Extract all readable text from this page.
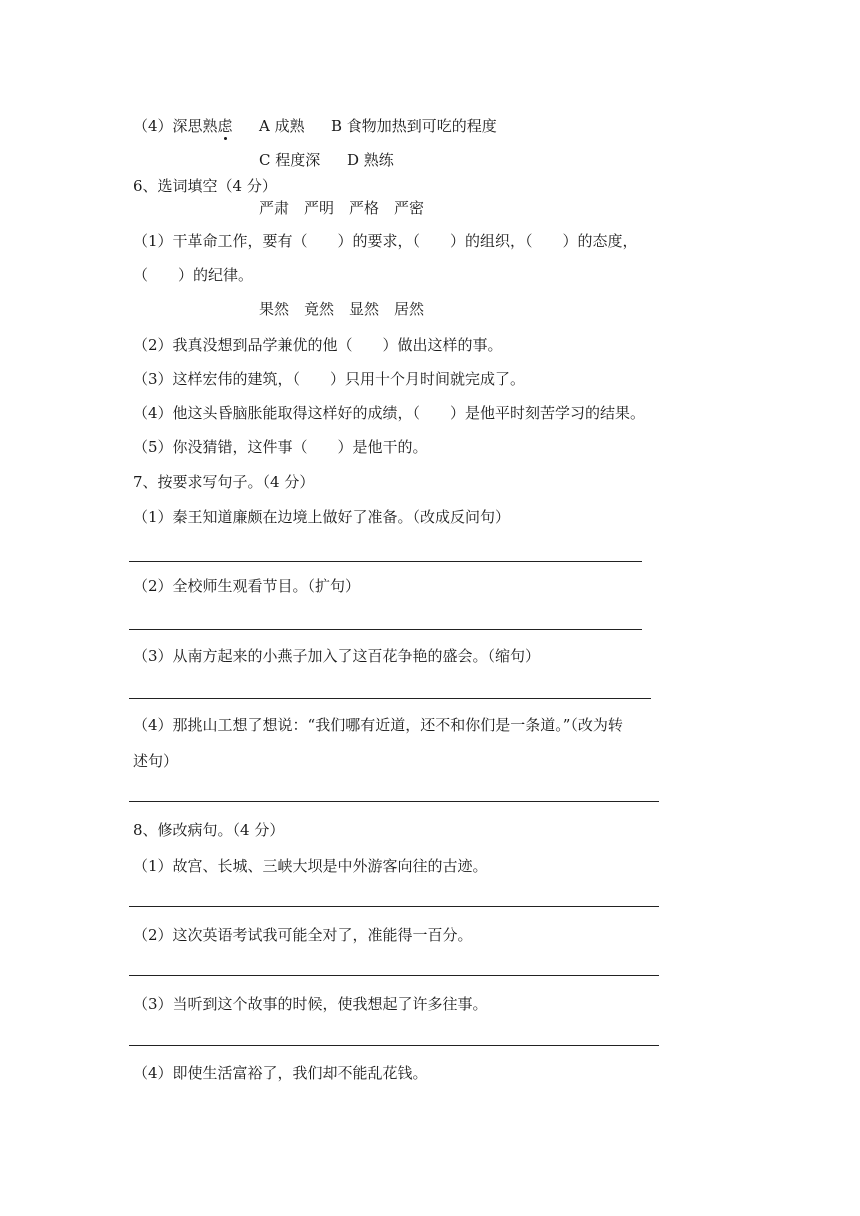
（4）深思熟虑 A 成熟 B 食物加热到可吃的程度
C 程度深 D 熟练
6、选词填空（4 分）
严肃　严明　严格　严密
（1）干革命工作，要有（　　）的要求，（　　）的组织，（　　）的态度，
（　　）的纪律。
果然　竟然　显然　居然
（2）我真没想到品学兼优的他（　　）做出这样的事。
（3）这样宏伟的建筑，（　　）只用十个月时间就完成了。
（4）他这头昏脑胀能取得这样好的成绩，（　　）是他平时刻苦学习的结果。
（5）你没猜错，这件事（　　）是他干的。
7、按要求写句子。（4 分）
（1）秦王知道廉颇在边境上做好了准备。（改成反问句）
（2）全校师生观看节目。（扩句）
（3）从南方起来的小燕子加入了这百花争艳的盛会。（缩句）
（4）那挑山工想了想说：“我们哪有近道，还不和你们是一条道。”（改为转
述句）
8、修改病句。（4 分）
（1）故宫、长城、三峡大坝是中外游客向往的古迹。
（2）这次英语考试我可能全对了，准能得一百分。
（3）当听到这个故事的时候，使我想起了许多往事。
（4）即使生活富裕了，我们却不能乱花钱。
